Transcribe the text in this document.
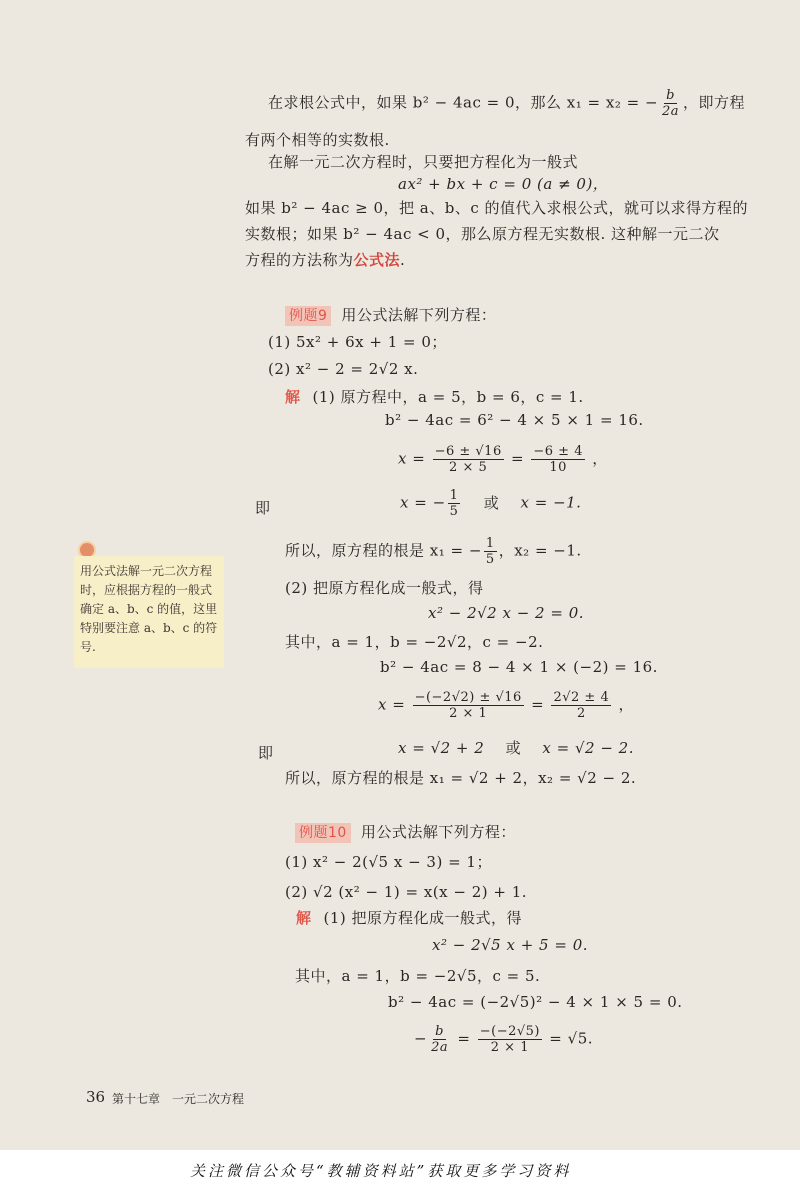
在求根公式中，如果 b² − 4ac = 0，那么 x₁ = x₂ = − $\frac{b}{2a}$ ，即方程
有两个相等的实数根.
在解一元二次方程时，只要把方程化为一般式
ax² + bx + c = 0 (a ≠ 0)，
如果 b² − 4ac ≥ 0，把 a、b、c 的值代入求根公式，就可以求得方程的
实数根；如果 b² − 4ac < 0，那么原方程无实数根. 这种解一元二次
方程的方法称为公式法.
例题9 用公式法解下列方程：
(1) 5x² + 6x + 1 = 0；
(2) x² − 2 = 2√2 x.
解 (1) 原方程中，a = 5，b = 6，c = 1.
b² − 4ac = 6² − 4 × 5 × 1 = 16.
$x = \frac{-6 \pm √16}{2 \times 5} = \frac{-6 \pm 4}{10}$ ，
即	x = − $\frac{1}{5}$ 或 x = −1.
所以，原方程的根是 x₁ = − $\frac{1}{5}$ ，x₂ = −1.
(2) 把原方程化成一般式，得
x² − 2√2 x − 2 = 0.
其中，a = 1，b = −2√2，c = −2.
b² − 4ac = 8 − 4 × 1 × (−2) = 16.
$x = \frac{-(-2√2) \pm √16}{2 \times 1} = \frac{2√2 \pm 4}{2}$ ，
即	x = √2 + 2 或 x = √2 − 2.
所以，原方程的根是 x₁ = √2 + 2，x₂ = √2 − 2.
例题10 用公式法解下列方程：
(1) x² − 2(√5 x − 3) = 1；
(2) √2 (x² − 1) = x(x − 2) + 1.
解 (1) 把原方程化成一般式，得
x² − 2√5 x + 5 = 0.
其中，a = 1，b = −2√5，c = 5.
b² − 4ac = (−2√5)² − 4 × 1 × 5 = 0.
− $\frac{b}{2a} = \frac{-(-2√5)}{2 \times 1} = √5$.
用公式法解一元二次方程时，应根据方程的一般式确定 a、b、c 的值，这里特别要注意 a、b、c 的符号.
36 第十七章 一元二次方程
关注微信公众号“教辅资料站”获取更多学习资料
